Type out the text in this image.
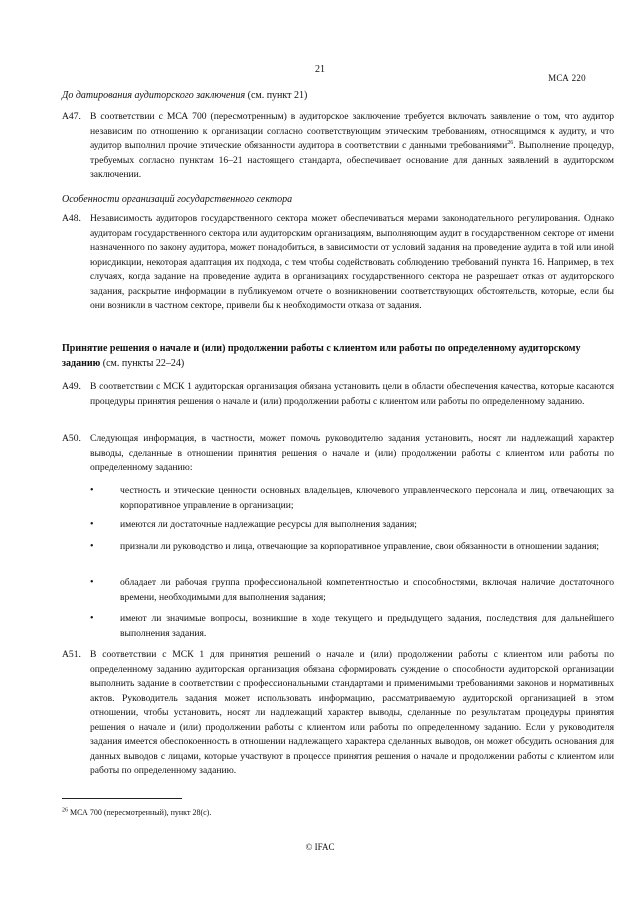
21
МСА 220
До датирования аудиторского заключения (см. пункт 21)
A47. В соответствии с МСА 700 (пересмотренным) в аудиторское заключение требуется включать заявление о том, что аудитор независим по отношению к организации согласно соответствующим этическим требованиям, относящимся к аудиту, и что аудитор выполнил прочие этические обязанности аудитора в соответствии с данными требованиями$^{26}$. Выполнение процедур, требуемых согласно пунктам 16–21 настоящего стандарта, обеспечивает основание для данных заявлений в аудиторском заключении.
Особенности организаций государственного сектора
A48. Независимость аудиторов государственного сектора может обеспечиваться мерами законодательного регулирования. Однако аудиторам государственного сектора или аудиторским организациям, выполняющим аудит в государственном секторе от имени назначенного по закону аудитора, может понадобиться, в зависимости от условий задания на проведение аудита в той или иной юрисдикции, некоторая адаптация их подхода, с тем чтобы содействовать соблюдению требований пункта 16. Например, в тех случаях, когда задание на проведение аудита в организациях государственного сектора не разрешает отказ от аудиторского задания, раскрытие информации в публикуемом отчете о возникновении соответствующих обстоятельств, которые, если бы они возникли в частном секторе, привели бы к необходимости отказа от задания.
Принятие решения о начале и (или) продолжении работы с клиентом или работы по определенному аудиторскому заданию (см. пункты 22–24)
A49. В соответствии с МСК 1 аудиторская организация обязана установить цели в области обеспечения качества, которые касаются процедуры принятия решения о начале и (или) продолжении работы с клиентом или работы по определенному заданию.
A50. Следующая информация, в частности, может помочь руководителю задания установить, носят ли надлежащий характер выводы, сделанные в отношении принятия решения о начале и (или) продолжении работы с клиентом или работы по определенному заданию:
•	честность и этические ценности основных владельцев, ключевого управленческого персонала и лиц, отвечающих за корпоративное управление в организации;
•	имеются ли достаточные надлежащие ресурсы для выполнения задания;
•	признали ли руководство и лица, отвечающие за корпоративное управление, свои обязанности в отношении задания;
•	обладает ли рабочая группа профессиональной компетентностью и способностями, включая наличие достаточного времени, необходимыми для выполнения задания;
•	имеют ли значимые вопросы, возникшие в ходе текущего и предыдущего задания, последствия для дальнейшего выполнения задания.
A51. В соответствии с МСК 1 для принятия решений о начале и (или) продолжении работы с клиентом или работы по определенному заданию аудиторская организация обязана сформировать суждение о способности аудиторской организации выполнить задание в соответствии с профессиональными стандартами и применимыми требованиями законов и нормативных актов. Руководитель задания может использовать информацию, рассматриваемую аудиторской организацией в этом отношении, чтобы установить, носят ли надлежащий характер выводы, сделанные по результатам процедуры принятия решения о начале и (или) продолжении работы с клиентом или работы по определенному заданию. Если у руководителя задания имеется обеспокоенность в отношении надлежащего характера сделанных выводов, он может обсудить основания для данных выводов с лицами, которые участвуют в процессе принятия решения о начале и продолжении работы с клиентом или работы по определенному заданию.
$^{26}$ МСА 700 (пересмотренный), пункт 28(c).
© IFAC
